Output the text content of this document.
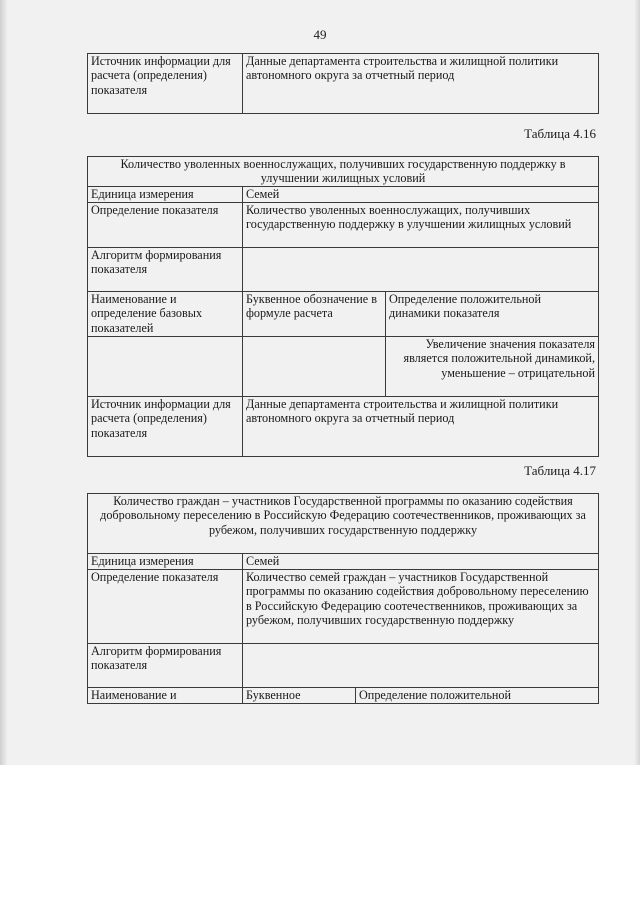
49
Источник информации для расчета (определения) показателя	Данные департамента строительства и жилищной политики автономного округа за отчетный период
Таблица 4.16
Количество уволенных военнослужащих, получивших государственную поддержку в улучшении жилищных условий		
Единица измерения	Семей	
Определение показателя	Количество уволенных военнослужащих, получивших государственную поддержку в улучшении жилищных условий	
Алгоритм формирования показателя		
Наименование и определение базовых показателей	Буквенное обозначение в формуле расчета	Определение положительной динамики показателя
		Увеличение значения показателя является положительной динамикой, уменьшение – отрицательной
Источник информации для расчета (определения) показателя	Данные департамента строительства и жилищной политики автономного округа за отчетный период	
Таблица 4.17
Количество граждан – участников Государственной программы по оказанию содействия добровольному переселению в Российскую Федерацию соотечественников, проживающих за рубежом, получивших государственную поддержку		
Единица измерения	Семей	
Определение показателя	Количество семей граждан – участников Государственной программы по оказанию содействия добровольному переселению в Российскую Федерацию соотечественников, проживающих за рубежом, получивших государственную поддержку	
Алгоритм формирования показателя		
Наименование и	Буквенное	Определение положительной
